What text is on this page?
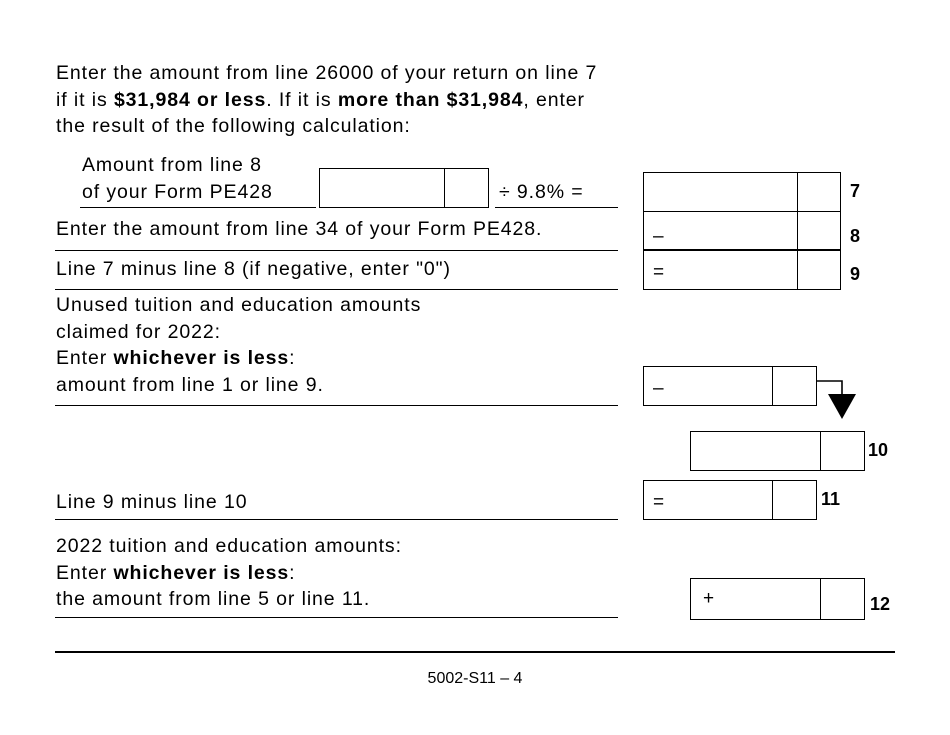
Enter the amount from line 26000 of your return on line 7
if it is $31,984 or less. If it is more than $31,984, enter
the result of the following calculation:
Amount from line 8
of your Form PE428	÷ 9.8% =	7
Enter the amount from line 34 of your Form PE428.	–	8
Line 7 minus line 8 (if negative, enter "0")	=	9
Unused tuition and education amounts
claimed for 2022:
Enter whichever is less:
amount from line 1 or line 9.	–
10
Line 9 minus line 10	=	11
2022 tuition and education amounts:
Enter whichever is less:
the amount from line 5 or line 11.	+	12
5002-S11 – 4
